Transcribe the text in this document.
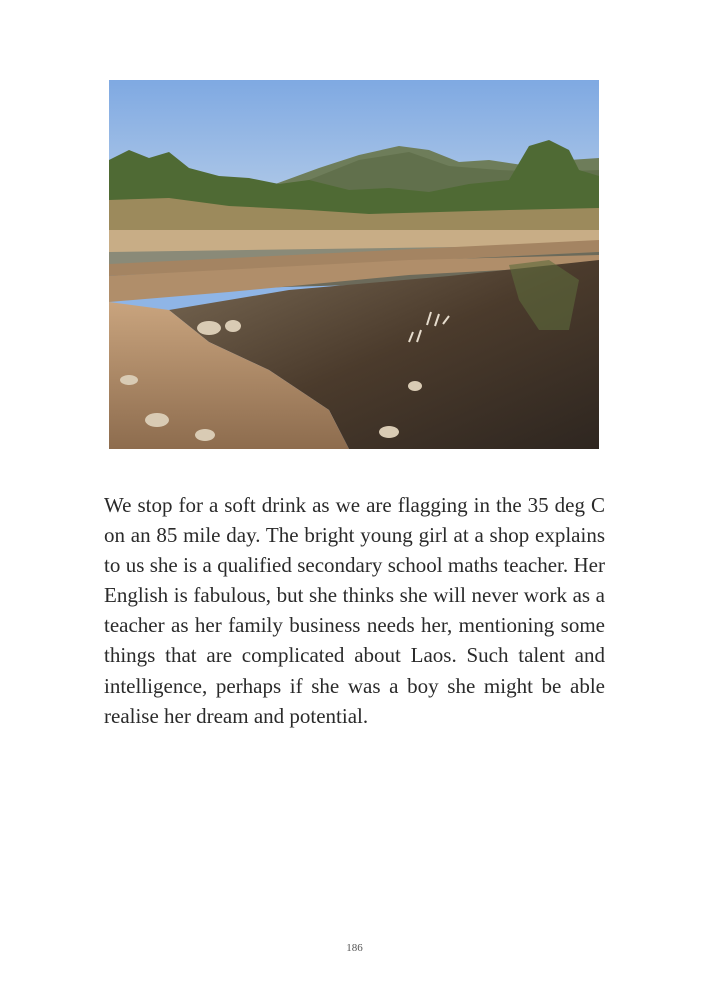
We stop for a soft drink as we are flagging in the 35 deg C on an 85 mile day. The bright young girl at a shop explains to us she is a qualified secondary school maths teacher. Her English is fabulous, but she thinks she will never work as a teacher as her family business needs her, mentioning some things that are complicated about Laos. Such talent and intelligence, perhaps if she was a boy she might be able realise her dream and potential.

186
